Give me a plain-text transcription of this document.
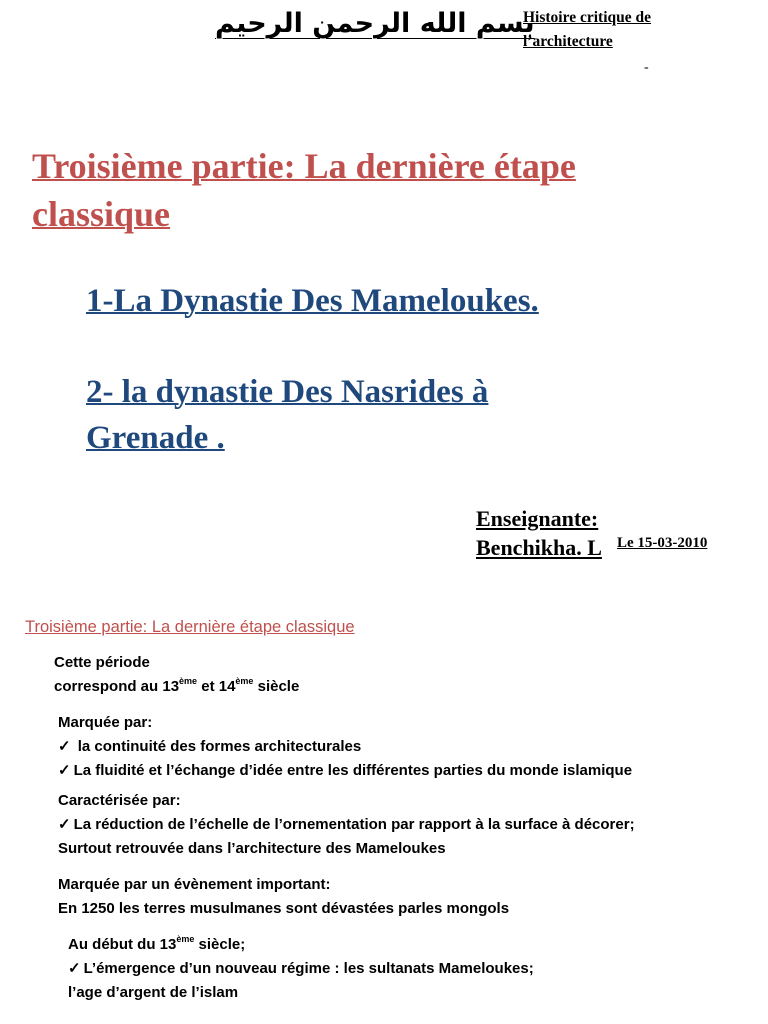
بسم الله الرحمن الرحيم
Histoire critique de
l’architecture
-
Troisième partie: La dernière étape
classique
1-La Dynastie Des Mameloukes.
2- la dynastie Des Nasrides à
Grenade .
Enseignante:
Benchikha. L Le 15-03-2010
Troisième partie: La dernière étape classique
Cette période
correspond au 13ème et 14ème siècle
Marquée par:
✓ la continuité des formes architecturales
✓ La fluidité et l’échange d’idée entre les différentes parties du monde islamique
Caractérisée par:
✓ La réduction de l’échelle de l’ornementation par rapport à la surface à décorer;
Surtout retrouvée dans l’architecture des Mameloukes
Marquée par un évènement important:
En 1250 les terres musulmanes sont dévastées parles mongols
Au début du 13ème siècle;
✓ L’émergence d’un nouveau régime : les sultanats Mameloukes;
l’age d’argent de l’islam
